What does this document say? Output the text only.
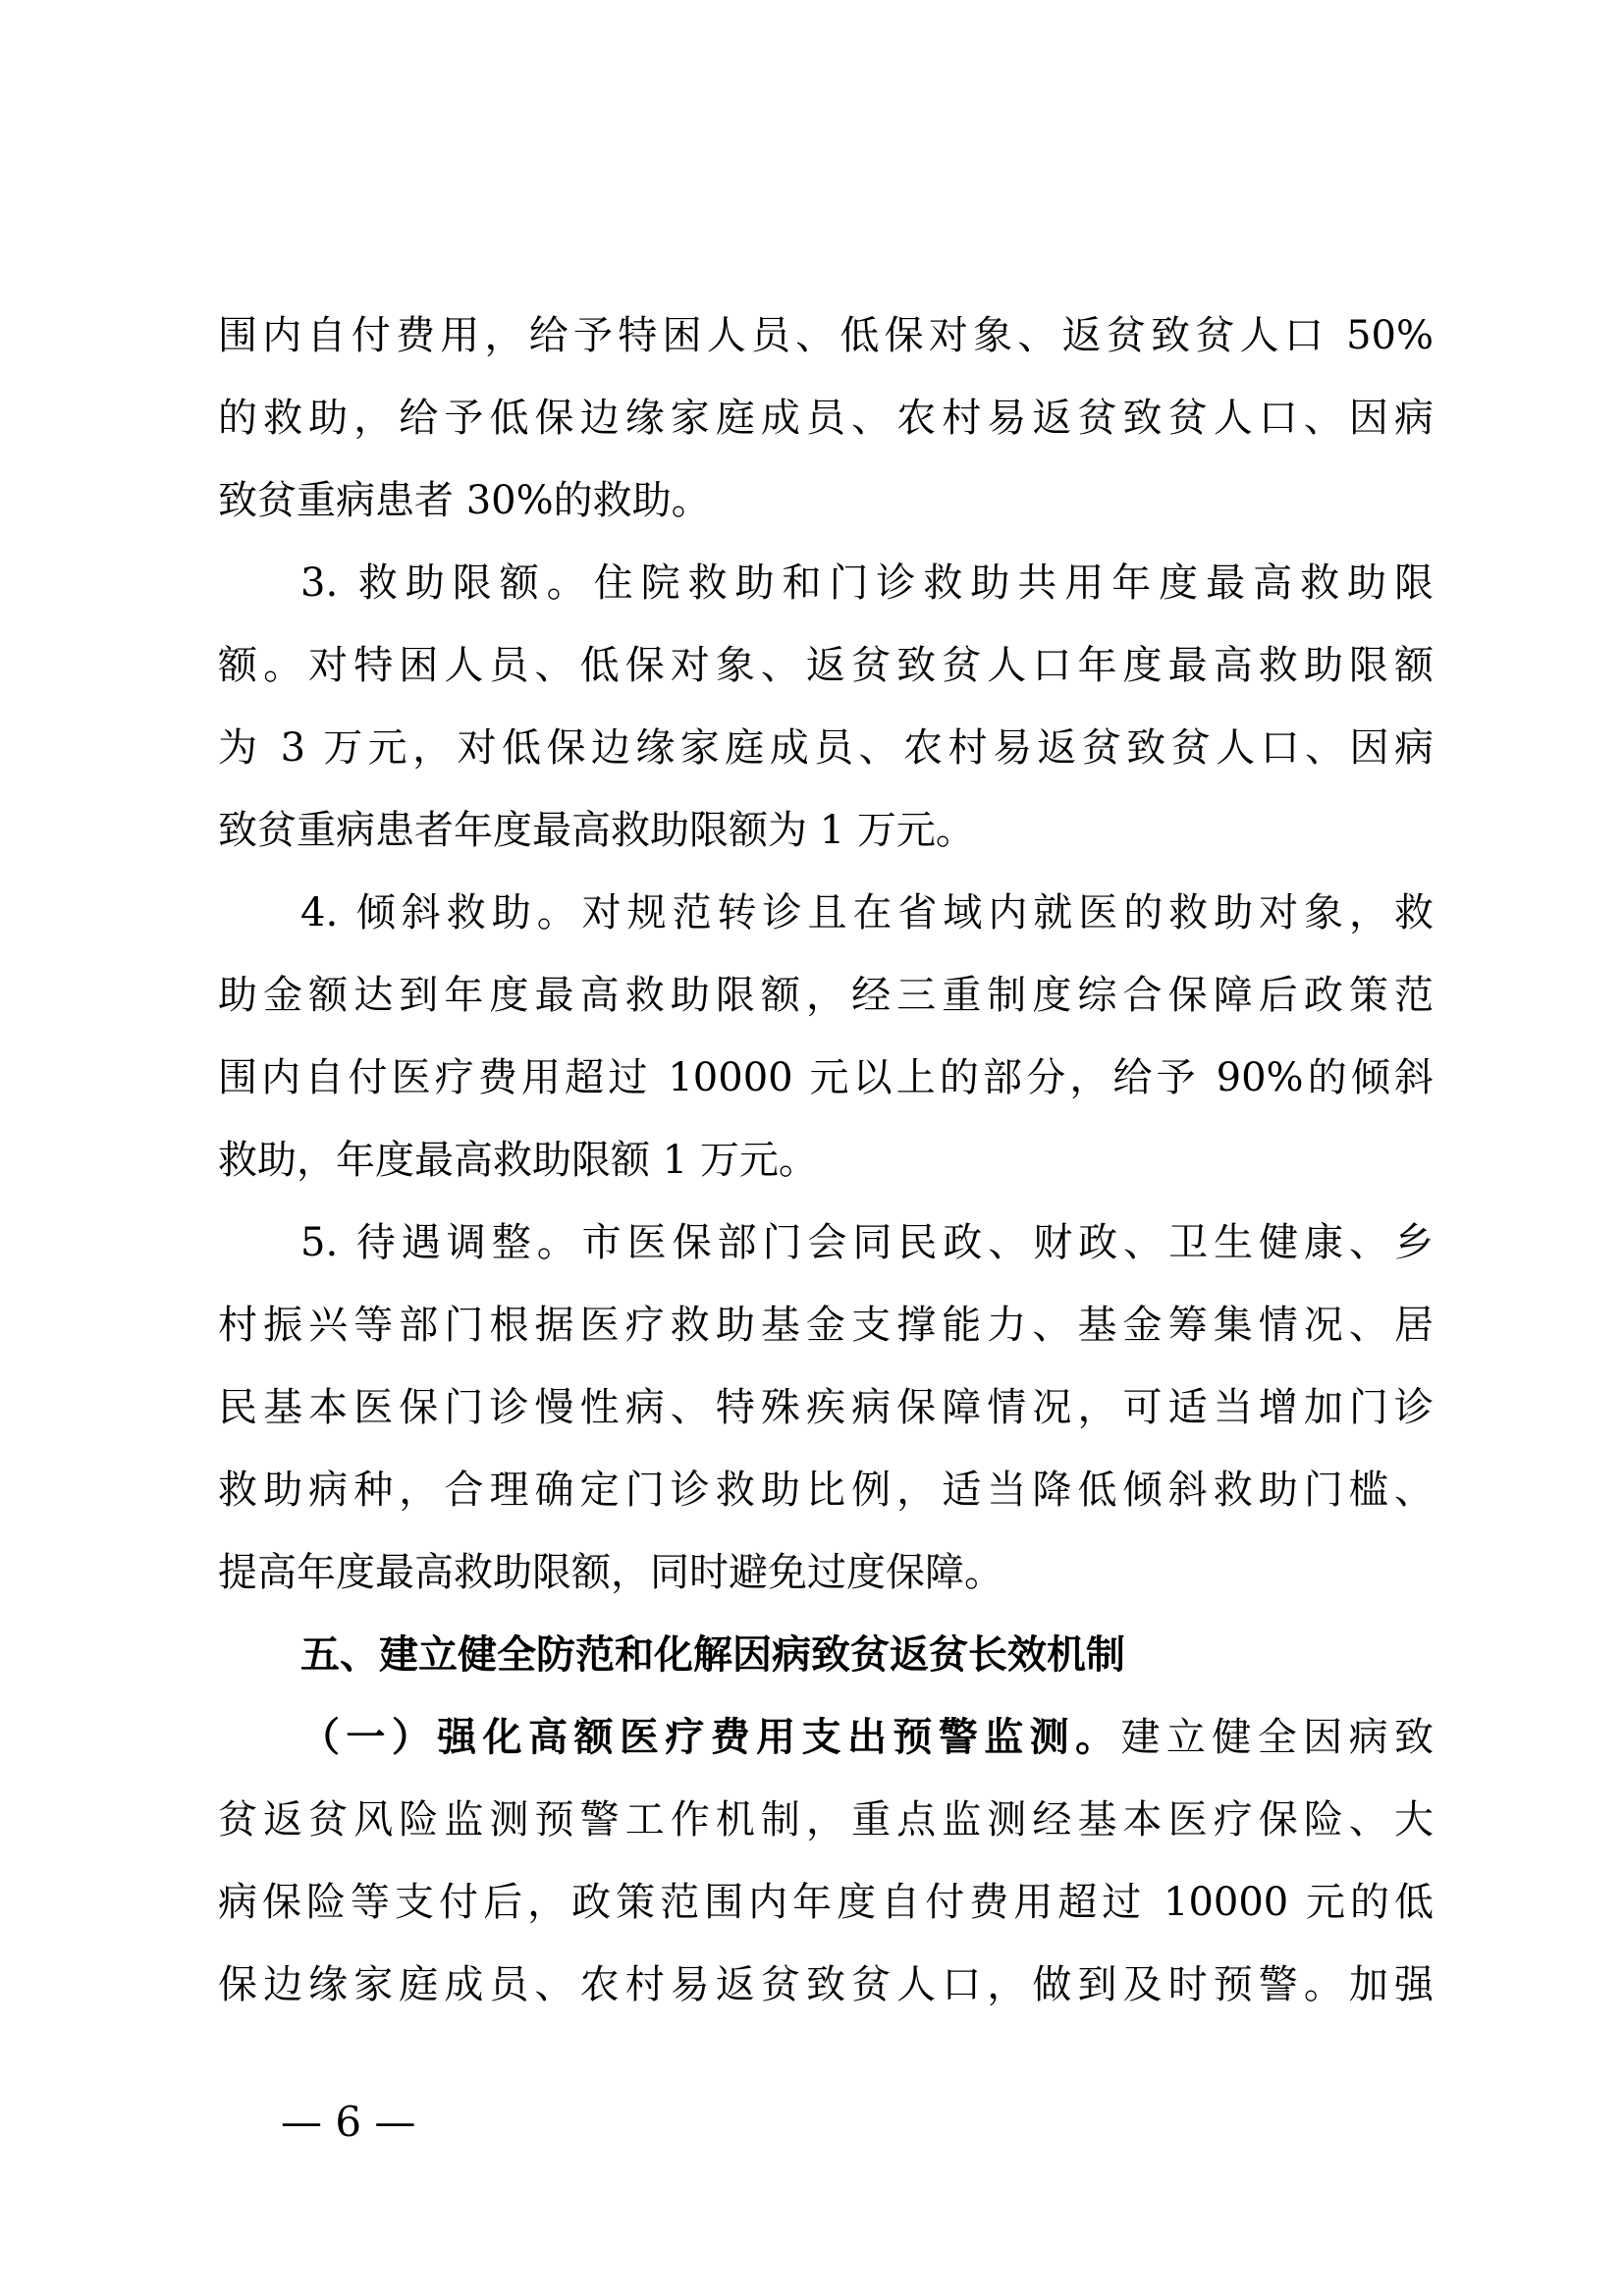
围内自付费用，给予特困人员、低保对象、返贫致贫人口 50%
的救助，给予低保边缘家庭成员、农村易返贫致贫人口、因病
致贫重病患者 30%的救助。
3. 救助限额。住院救助和门诊救助共用年度最高救助限
额。对特困人员、低保对象、返贫致贫人口年度最高救助限额
为 3 万元，对低保边缘家庭成员、农村易返贫致贫人口、因病
致贫重病患者年度最高救助限额为 1 万元。
4. 倾斜救助。对规范转诊且在省域内就医的救助对象，救
助金额达到年度最高救助限额，经三重制度综合保障后政策范
围内自付医疗费用超过 10000 元以上的部分，给予 90%的倾斜
救助，年度最高救助限额 1 万元。
5. 待遇调整。市医保部门会同民政、财政、卫生健康、乡
村振兴等部门根据医疗救助基金支撑能力、基金筹集情况、居
民基本医保门诊慢性病、特殊疾病保障情况，可适当增加门诊
救助病种，合理确定门诊救助比例，适当降低倾斜救助门槛、
提高年度最高救助限额，同时避免过度保障。
五、建立健全防范和化解因病致贫返贫长效机制
（一）强化高额医疗费用支出预警监测。建立健全因病致
贫返贫风险监测预警工作机制，重点监测经基本医疗保险、大
病保险等支付后，政策范围内年度自付费用超过 10000 元的低
保边缘家庭成员、农村易返贫致贫人口，做到及时预警。加强
— 6 —
